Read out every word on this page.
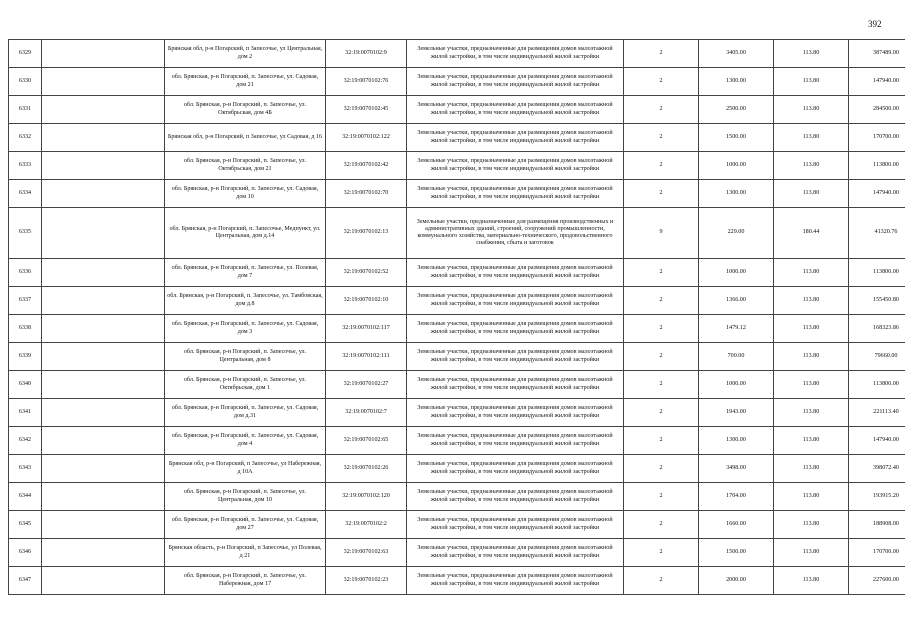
392
6329		Брянская обл, р-н Погарский, п Зaпесочье, ул Центральная, дом 2	32:19:0070102:9	Земельные участки, предназначенные для размещения домов малоэтажной жилой застройки, в том числе индивидуальной жилой застройки	2	3405.00	113.80	387489.00
6330		обл. Брянская, р-н Погарский, п. Запесочье, ул. Садовая, дом 21	32:19:0070102:76	Земельные участки, предназначенные для размещения домов малоэтажной жилой застройки, в том числе индивидуальной жилой застройки	2	1300.00	113.80	147940.00
6331		обл. Брянская, р-н Погарский, п. Запесочье, ул. Октябрьская, дом 4Б	32:19:0070102:45	Земельные участки, предназначенные для размещения домов малоэтажной жилой застройки, в том числе индивидуальной жилой застройки	2	2500.00	113.80	284500.00
6332		Брянская обл, р-н Погарский, п Запесочье, ул Садовая, д 16	32:19:0070102:122	Земельные участки, предназначенные для размещения домов малоэтажной жилой застройки, в том числе индивидуальной жилой застройки	2	1500.00	113.80	170700.00
6333		обл. Брянская, р-н Погарский, п. Запесочье, ул. Октябрьская, дом 21	32:19:0070102:42	Земельные участки, предназначенные для размещения домов малоэтажной жилой застройки, в том числе индивидуальной жилой застройки	2	1000.00	113.80	113800.00
6334		обл. Брянская, р-н Погарский, п. Запесочье, ул. Садовая, дом 10	32:19:0070102:70	Земельные участки, предназначенные для размещения домов малоэтажной жилой застройки, в том числе индивидуальной жилой застройки	2	1300.00	113.80	147940.00
6335		обл. Брянская, р-н Погарский, п. Запесочье, Медпункт, ул. Центральная, дом д.14	32:19:0070102:13	Земельные участки, предназначенные для размещения производственных и административных зданий, строений, сооружений промышленности, коммунального хозяйства, материально-технического, продовольственного снабжения, сбыта и заготовок	9	229.00	180.44	41320.76
6336		обл. Брянская, р-н Погарский, п. Запесочье, ул. Полевая, дом 7	32:19:0070102:52	Земельные участки, предназначенные для размещения домов малоэтажной жилой застройки, в том числе индивидуальной жилой застройки	2	1000.00	113.80	113800.00
6337		обл. Брянская, р-н Погарский, п. Запесочье, ул. Тамбовская, дом д.8	32:19:0070102:10	Земельные участки, предназначенные для размещения домов малоэтажной жилой застройки, в том числе индивидуальной жилой застройки	2	1366.00	113.80	155450.80
6338		обл. Брянская, р-н Погарский, п. Запесочье, ул. Садовая, дом 3	32:19:0070102:117	Земельные участки, предназначенные для размещения домов малоэтажной жилой застройки, в том числе индивидуальной жилой застройки	2	1479.12	113.80	168323.86
6339		обл. Брянская, р-н Погарский, п. Запесочье, ул. Центральная, дом 8	32:19:0070102:111	Земельные участки, предназначенные для размещения домов малоэтажной жилой застройки, в том числе индивидуальной жилой застройки	2	700.00	113.80	79660.00
6340		обл. Брянская, р-н Погарский, п. Запесочье, ул. Октябрьская, дом 1	32:19:0070102:27	Земельные участки, предназначенные для размещения домов малоэтажной жилой застройки, в том числе индивидуальной жилой застройки	2	1000.00	113.80	113800.00
6341		обл. Брянская, р-н Погарский, п. Запесочье, ул. Садовая, дом д.31	32:19:0070102:7	Земельные участки, предназначенные для размещения домов малоэтажной жилой застройки, в том числе индивидуальной жилой застройки	2	1943.00	113.80	221113.40
6342		обл. Брянская, р-н Погарский, п. Запесочье, ул. Садовая, дом 4	32:19:0070102:65	Земельные участки, предназначенные для размещения домов малоэтажной жилой застройки, в том числе индивидуальной жилой застройки	2	1300.00	113.80	147940.00
6343		Брянская обл, р-н Погарский, п Запесочье, ул Набережная, д 10А	32:19:0070102:26	Земельные участки, предназначенные для размещения домов малоэтажной жилой застройки, в том числе индивидуальной жилой застройки	2	3498.00	113.80	398072.40
6344		обл. Брянская, р-н Погарский, п. Запесочье, ул. Центральная, дом 10	32:19:0070102:120	Земельные участки, предназначенные для размещения домов малоэтажной жилой застройки, в том числе индивидуальной жилой застройки	2	1704.00	113.80	193915.20
6345		обл. Брянская, р-н Погарский, п. Запесочье, ул. Садовая, дом 27	32:19:0070102:2	Земельные участки, предназначенные для размещения домов малоэтажной жилой застройки, в том числе индивидуальной жилой застройки	2	1660.00	113.80	188908.00
6346		Брянская область, р-н Погарский, п Запесочье, ул Полевая, д 21	32:19:0070102:63	Земельные участки, предназначенные для размещения домов малоэтажной жилой застройки, в том числе индивидуальной жилой застройки	2	1500.00	113.80	170700.00
6347		обл. Брянская, р-н Погарский, п. Запесочье, ул. Набережная, дом 17	32:19:0070102:23	Земельные участки, предназначенные для размещения домов малоэтажной жилой застройки, в том числе индивидуальной жилой застройки	2	2000.00	113.80	227600.00
